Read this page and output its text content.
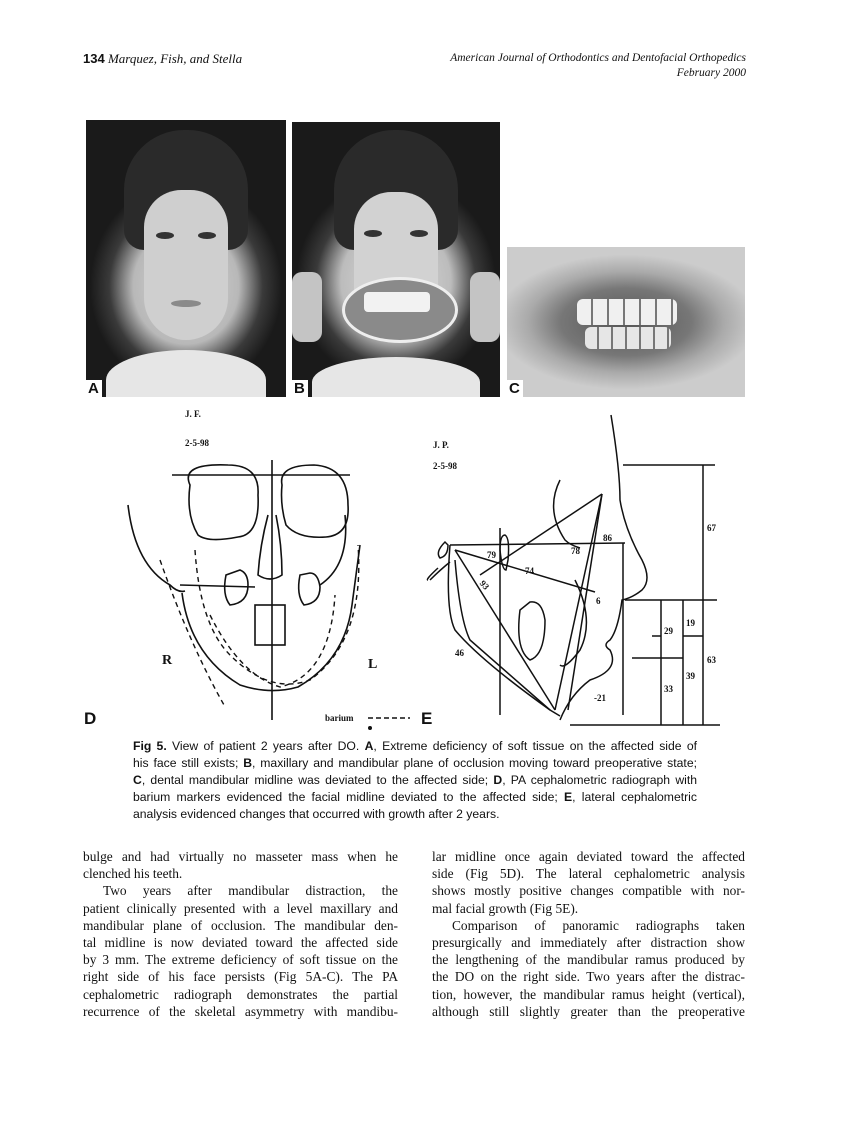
134 Marquez, Fish, and Stella	American Journal of Orthodontics and Dentofacial Orthopedics
February 2000
A	B	C
J. F.
2-5-98
R	L
D	barium
J. P.
2-5-98
79	78
86
74
93
6
46
-21
67
19
29
63
39
33
E
Fig 5. View of patient 2 years after DO. A, Extreme deficiency of soft tissue on the affected side of
his face still exists; B, maxillary and mandibular plane of occlusion moving toward preoperative state;
C, dental mandibular midline was deviated to the affected side; D, PA cephalometric radiograph with
barium markers evidenced the facial midline deviated to the affected side; E, lateral cephalometric
analysis evidenced changes that occurred with growth after 2 years.
bulge and had virtually no masseter mass when he
clenched his teeth.
Two years after mandibular distraction, the
patient clinically presented with a level maxillary and
mandibular plane of occlusion. The mandibular den-
tal midline is now deviated toward the affected side
by 3 mm. The extreme deficiency of soft tissue on the
right side of his face persists (Fig 5A-C). The PA
cephalometric radiograph demonstrates the partial
recurrence of the skeletal asymmetry with mandibu-
lar midline once again deviated toward the affected
side (Fig 5D). The lateral cephalometric analysis
shows mostly positive changes compatible with nor-
mal facial growth (Fig 5E).
Comparison of panoramic radiographs taken
presurgically and immediately after distraction show
the lengthening of the mandibular ramus produced by
the DO on the right side. Two years after the distrac-
tion, however, the mandibular ramus height (vertical),
although still slightly greater than the preoperative
